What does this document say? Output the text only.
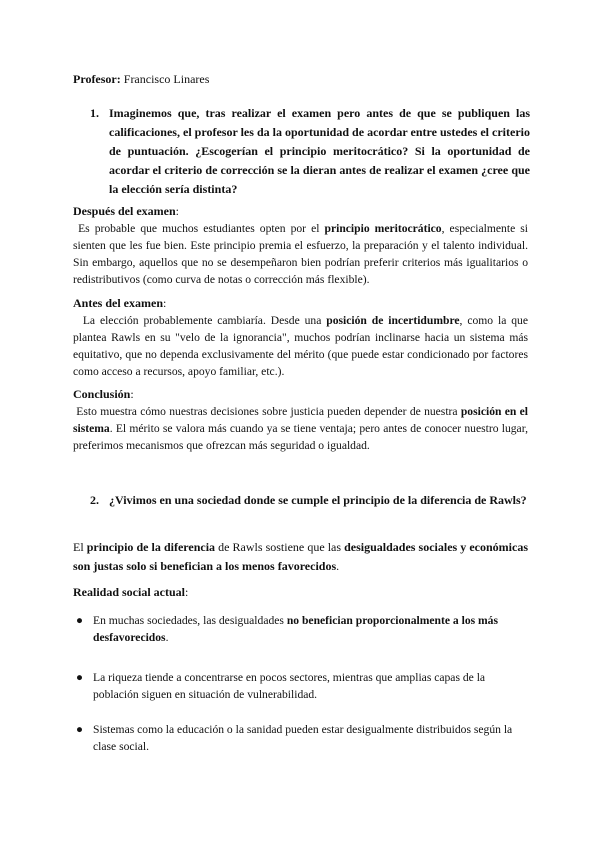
Profesor: Francisco Linares
1. Imaginemos que, tras realizar el examen pero antes de que se publiquen las calificaciones, el profesor les da la oportunidad de acordar entre ustedes el criterio de puntuación. ¿Escogerían el principio meritocrático? Si la oportunidad de acordar el criterio de corrección se la dieran antes de realizar el examen ¿cree que la elección sería distinta?
Después del examen:

Es probable que muchos estudiantes opten por el principio meritocrático, especialmente si sienten que les fue bien. Este principio premia el esfuerzo, la preparación y el talento individual. Sin embargo, aquellos que no se desempeñaron bien podrían preferir criterios más igualitarios o redistributivos (como curva de notas o corrección más flexible).

Antes del examen:

La elección probablemente cambiaría. Desde una posición de incertidumbre, como la que plantea Rawls en su "velo de la ignorancia", muchos podrían inclinarse hacia un sistema más equitativo, que no dependa exclusivamente del mérito (que puede estar condicionado por factores como acceso a recursos, apoyo familiar, etc.).

Conclusión:

Esto muestra cómo nuestras decisiones sobre justicia pueden depender de nuestra posición en el sistema. El mérito se valora más cuando ya se tiene ventaja; pero antes de conocer nuestro lugar, preferimos mecanismos que ofrezcan más seguridad o igualdad.

2. ¿Vivimos en una sociedad donde se cumple el principio de la diferencia de Rawls?
El principio de la diferencia de Rawls sostiene que las desigualdades sociales y económicas son justas solo si benefician a los menos favorecidos.
Realidad social actual:
● En muchas sociedades, las desigualdades no benefician proporcionalmente a los más desfavorecidos.
● La riqueza tiende a concentrarse en pocos sectores, mientras que amplias capas de la población siguen en situación de vulnerabilidad.
● Sistemas como la educación o la sanidad pueden estar desigualmente distribuidos según la clase social.
